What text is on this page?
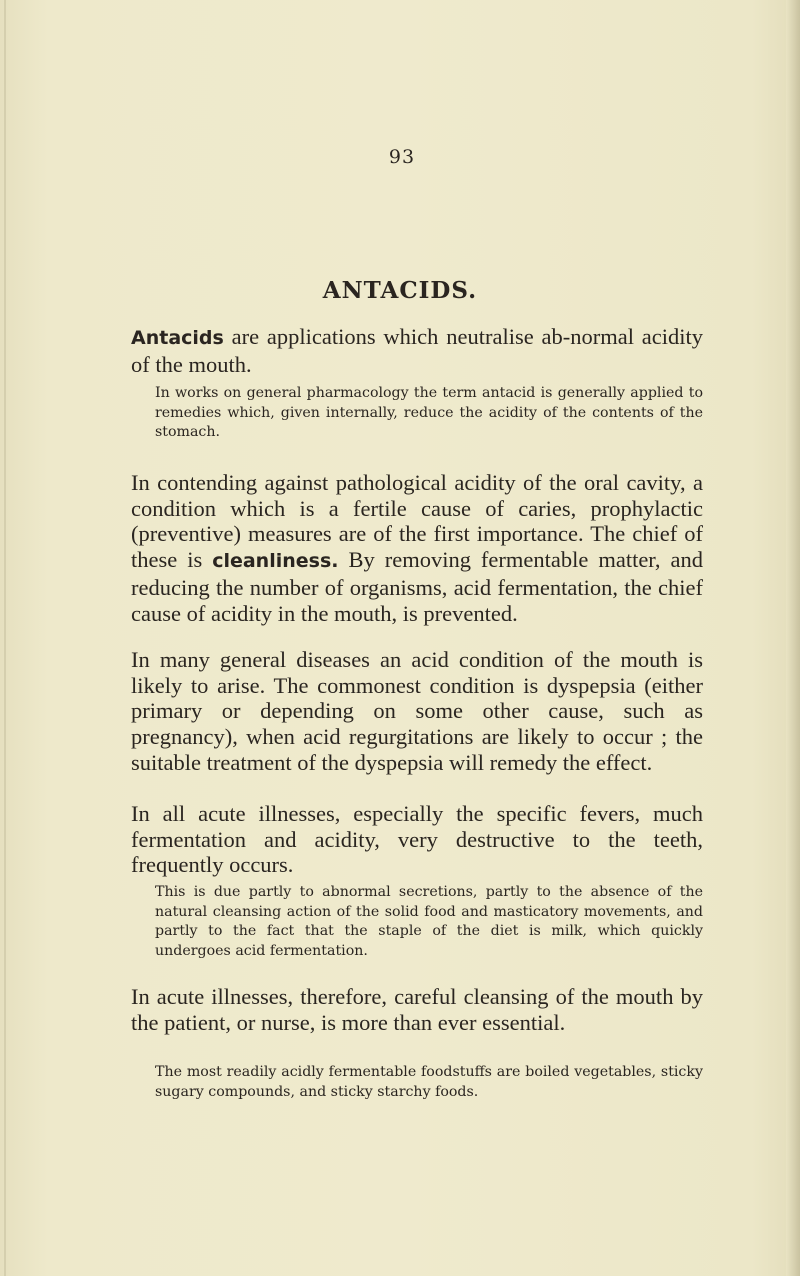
93
ANTACIDS.

Antacids are applications which neutralise ab-normal acidity of the mouth.

In works on general pharmacology the term antacid is generally applied to remedies which, given internally, reduce the acidity of the contents of the stomach.

In contending against pathological acidity of the oral cavity, a condition which is a fertile cause of caries, prophylactic (preventive) measures are of the first importance. The chief of these is cleanliness. By removing fermentable matter, and reducing the number of organisms, acid fermentation, the chief cause of acidity in the mouth, is prevented.

In many general diseases an acid condition of the mouth is likely to arise. The commonest condition is dyspepsia (either primary or depending on some other cause, such as pregnancy), when acid regurgitations are likely to occur ; the suitable treatment of the dyspepsia will remedy the effect.

In all acute illnesses, especially the specific fevers, much fermentation and acidity, very destructive to the teeth, frequently occurs.

This is due partly to abnormal secretions, partly to the absence of the natural cleansing action of the solid food and masticatory movements, and partly to the fact that the staple of the diet is milk, which quickly undergoes acid fermentation.

In acute illnesses, therefore, careful cleansing of the mouth by the patient, or nurse, is more than ever essential.

The most readily acidly fermentable foodstuffs are boiled vegetables, sticky sugary compounds, and sticky starchy foods.
